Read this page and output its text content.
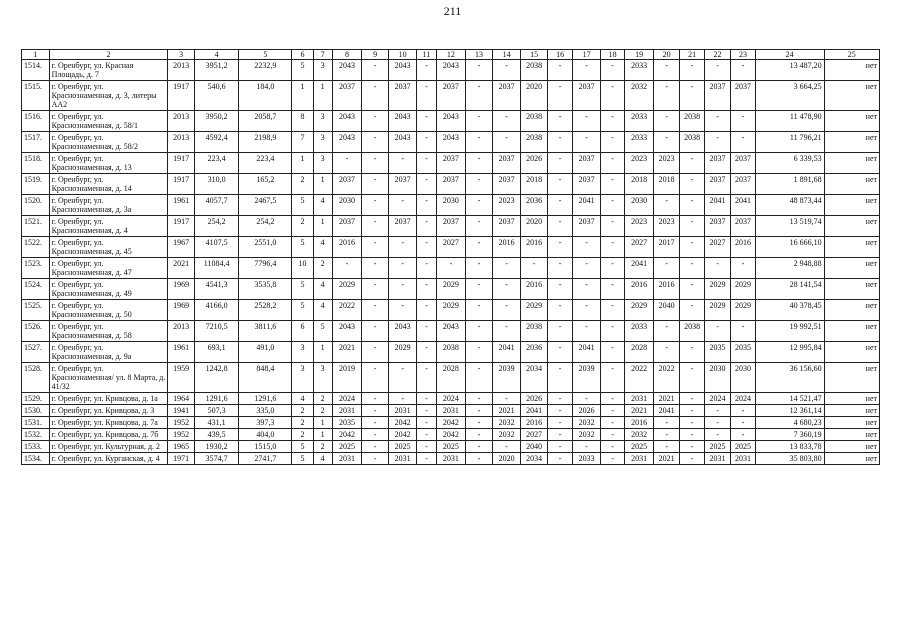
211
1	2	3	4	5	6	7	8	9	10	11	12	13	14	15	16	17	18	19	20	21	22	23	24	25
1514.	г. Оренбург, ул. Красная Площадь, д. 7	2013	3951,2	2232,9	5	3	2043	-	2043	-	2043	-	-	2038	-	-	-	2033	-	-	-	-	13 487,20	нет
1515.	г. Оренбург, ул. Краснознаменная, д. 3, литеры АА2	1917	540,6	184,0	1	1	2037	-	2037	-	2037	-	2037	2020	-	2037	-	2032	-	-	2037	2037	3 664,25	нет
1516.	г. Оренбург, ул. Краснознаменная, д. 58/1	2013	3950,2	2058,7	8	3	2043	-	2043	-	2043	-	-	2038	-	-	-	2033	-	2038	-	-	11 478,90	нет
1517.	г. Оренбург, ул. Краснознаменная, д. 58/2	2013	4592,4	2198,9	7	3	2043	-	2043	-	2043	-	-	2038	-	-	-	2033	-	2038	-	-	11 796,21	нет
1518.	г. Оренбург, ул. Краснознаменная, д. 13	1917	223,4	223,4	1	3	-	-	-	-	2037	-	2037	2026	-	2037	-	2023	2023	-	2037	2037	6 339,53	нет
1519.	г. Оренбург, ул. Краснознаменная, д. 14	1917	310,0	165,2	2	1	2037	-	2037	-	2037	-	2037	2018	-	2037	-	2018	2018	-	2037	2037	1 891,68	нет
1520.	г. Оренбург, ул. Краснознаменная, д. 3а	1961	4057,7	2467,5	5	4	2030	-	-	-	2030	-	2023	2036	-	2041	-	2030	-	-	2041	2041	48 873,44	нет
1521.	г. Оренбург, ул. Краснознаменная, д. 4	1917	254,2	254,2	2	1	2037	-	2037	-	2037	-	2037	2020	-	2037	-	2023	2023	-	2037	2037	13 519,74	нет
1522.	г. Оренбург, ул. Краснознаменная, д. 45	1967	4107,5	2551,0	5	4	2016	-	-	-	2027	-	2016	2016	-	-	-	2027	2017	-	2027	2016	16 666,10	нет
1523.	г. Оренбург, ул. Краснознаменная, д. 47	2021	11084,4	7796,4	10	2	-	-	-	-	-	-	-	-	-	-	-	2041	-	-	-	-	2 948,88	нет
1524.	г. Оренбург, ул. Краснознаменная, д. 49	1969	4541,3	3535,8	5	4	2029	-	-	-	2029	-	-	2016	-	-	-	2016	2016	-	2029	2029	28 141,54	нет
1525.	г. Оренбург, ул. Краснознаменная, д. 50	1969	4166,0	2528,2	5	4	2022	-	-	-	2029	-	-	2029	-	-	-	2029	2040	-	2029	2029	40 378,45	нет
1526.	г. Оренбург, ул. Краснознаменная, д. 58	2013	7210,5	3811,6	6	5	2043	-	2043	-	2043	-	-	2038	-	-	-	2033	-	2038	-	-	19 992,51	нет
1527.	г. Оренбург, ул. Краснознаменная, д. 9а	1961	693,1	491,0	3	1	2021	-	2029	-	2038	-	2041	2036	-	2041	-	2028	-	-	2035	2035	12 995,84	нет
1528.	г. Оренбург, ул. Краснознаменная/ ул. 8 Марта, д. 41/32	1959	1242,8	848,4	3	3	2019	-	-	-	2028	-	2039	2034	-	2039	-	2022	2022	-	2030	2030	36 156,60	нет
1529.	г. Оренбург, ул. Кривцова, д. 1а	1964	1291,6	1291,6	4	2	2024	-	-	-	2024	-	-	2026	-	-	-	2031	2021	-	2024	2024	14 521,47	нет
1530.	г. Оренбург, ул. Кривцова, д. 3	1941	507,3	335,0	2	2	2031	-	2031	-	2031	-	2021	2041	-	2026	-	2021	2041	-	-	-	12 361,14	нет
1531.	г. Оренбург, ул. Кривцова, д. 7а	1952	431,1	397,3	2	1	2035	-	2042	-	2042	-	2032	2016	-	2032	-	2016	-	-	-	-	4 680,23	нет
1532.	г. Оренбург, ул. Кривцова, д. 7б	1952	439,5	404,0	2	1	2042	-	2042	-	2042	-	2032	2027	-	2032	-	2032	-	-	-	-	7 360,19	нет
1533.	г. Оренбург, ул. Культурная, д. 2	1965	1930,2	1515,0	5	2	2025	-	2025	-	2025	-	-	2040	-	-	-	2025	-	-	2025	2025	13 833,78	нет
1534.	г. Оренбург, ул. Курганская, д. 4	1971	3574,7	2741,7	5	4	2031	-	2031	-	2031	-	2020	2034	-	2033	-	2031	2021	-	2031	2031	35 803,80	нет
